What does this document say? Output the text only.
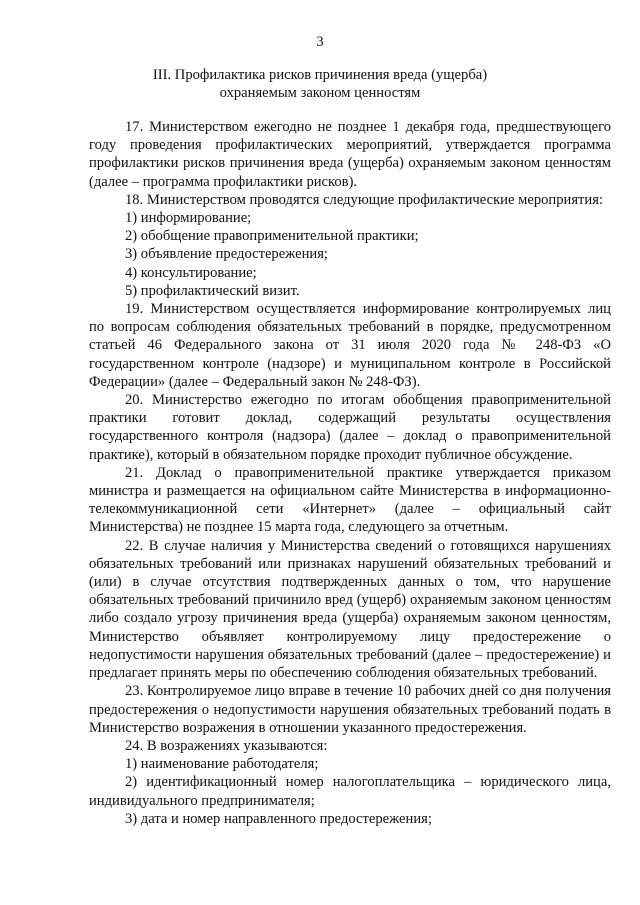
3
III. Профилактика рисков причинения вреда (ущерба)
охраняемым законом ценностям

17. Министерством ежегодно не позднее 1 декабря года, предшествующего году проведения профилактических мероприятий, утверждается программа профилактики рисков причинения вреда (ущерба) охраняемым законом ценностям (далее – программа профилактики рисков).

18. Министерством проводятся следующие профилактические мероприятия:

1) информирование;

2) обобщение правоприменительной практики;

3) объявление предостережения;

4) консультирование;

5) профилактический визит.

19. Министерством осуществляется информирование контролируемых лиц по вопросам соблюдения обязательных требований в порядке, предусмотренном статьей 46 Федерального закона от 31 июля 2020 года № 248-ФЗ «О государственном контроле (надзоре) и муниципальном контроле в Российской Федерации» (далее – Федеральный закон № 248-ФЗ).

20. Министерство ежегодно по итогам обобщения правоприменительной практики готовит доклад, содержащий результаты осуществления государственного контроля (надзора) (далее – доклад о правоприменительной практике), который в обязательном порядке проходит публичное обсуждение.

21. Доклад о правоприменительной практике утверждается приказом министра и размещается на официальном сайте Министерства в информационно-телекоммуникационной сети «Интернет» (далее – официальный сайт Министерства) не позднее 15 марта года, следующего за отчетным.

22. В случае наличия у Министерства сведений о готовящихся нарушениях обязательных требований или признаках нарушений обязательных требований и (или) в случае отсутствия подтвержденных данных о том, что нарушение обязательных требований причинило вред (ущерб) охраняемым законом ценностям либо создало угрозу причинения вреда (ущерба) охраняемым законом ценностям, Министерство объявляет контролируемому лицу предостережение о недопустимости нарушения обязательных требований (далее – предостережение) и предлагает принять меры по обеспечению соблюдения обязательных требований.

23. Контролируемое лицо вправе в течение 10 рабочих дней со дня получения предостережения о недопустимости нарушения обязательных требований подать в Министерство возражения в отношении указанного предостережения.

24. В возражениях указываются:

1) наименование работодателя;

2) идентификационный номер налогоплательщика – юридического лица, индивидуального предпринимателя;

3) дата и номер направленного предостережения;
